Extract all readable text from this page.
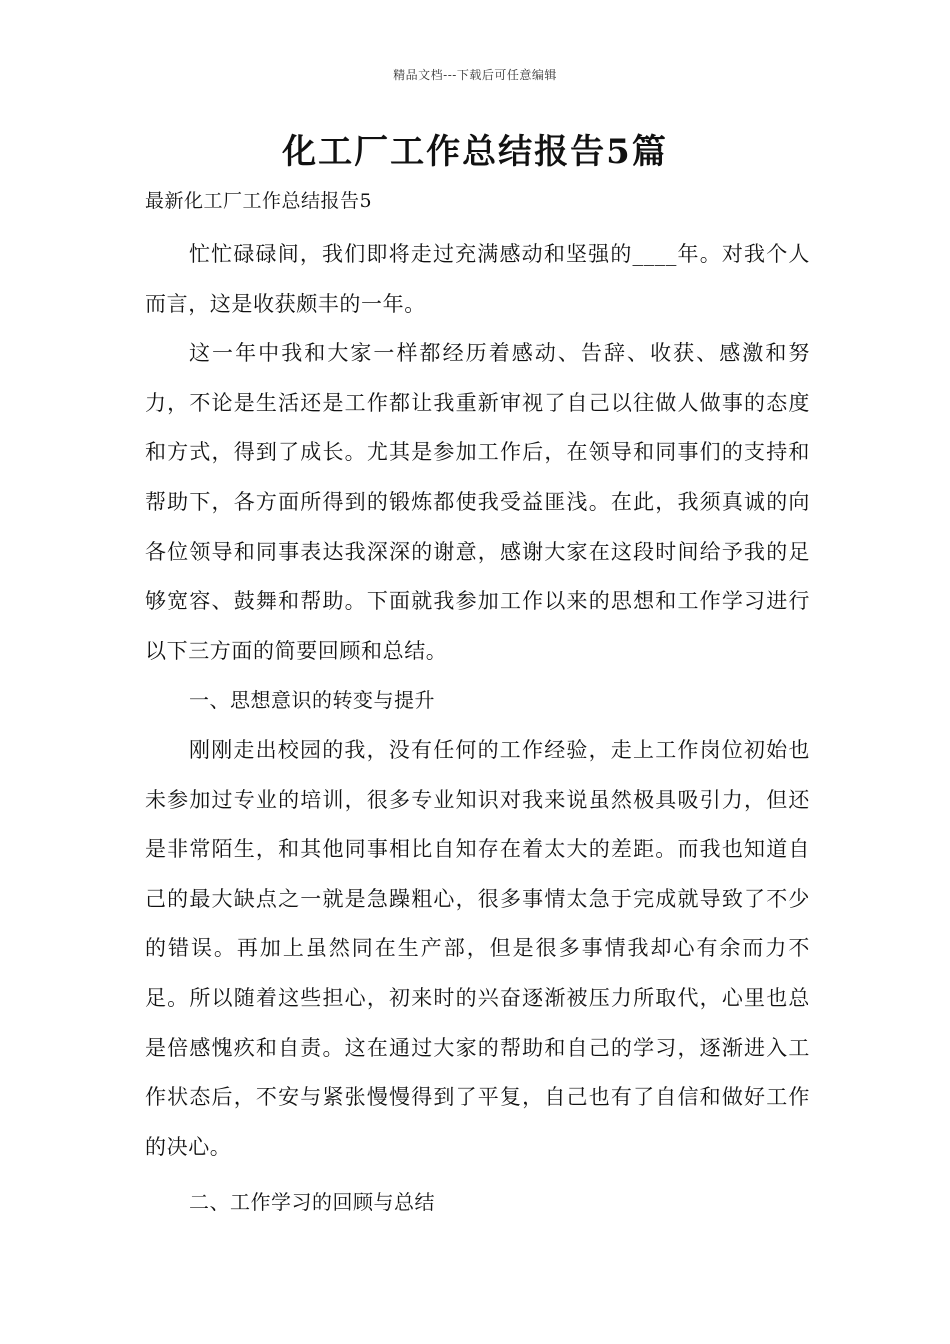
精品文档---下载后可任意编辑
化工厂工作总结报告5篇

最新化工厂工作总结报告5

忙忙碌碌间，我们即将走过充满感动和坚强的____年。对我个人而言，这是收获颇丰的一年。

这一年中我和大家一样都经历着感动、告辞、收获、感激和努力，不论是生活还是工作都让我重新审视了自己以往做人做事的态度和方式，得到了成长。尤其是参加工作后，在领导和同事们的支持和帮助下，各方面所得到的锻炼都使我受益匪浅。在此，我须真诚的向各位领导和同事表达我深深的谢意，感谢大家在这段时间给予我的足够宽容、鼓舞和帮助。下面就我参加工作以来的思想和工作学习进行以下三方面的简要回顾和总结。

一、思想意识的转变与提升

刚刚走出校园的我，没有任何的工作经验，走上工作岗位初始也未参加过专业的培训，很多专业知识对我来说虽然极具吸引力，但还是非常陌生，和其他同事相比自知存在着太大的差距。而我也知道自己的最大缺点之一就是急躁粗心，很多事情太急于完成就导致了不少的错误。再加上虽然同在生产部，但是很多事情我却心有余而力不足。所以随着这些担心，初来时的兴奋逐渐被压力所取代，心里也总是倍感愧疚和自责。这在通过大家的帮助和自己的学习，逐渐进入工作状态后，不安与紧张慢慢得到了平复，自己也有了自信和做好工作的决心。

二、工作学习的回顾与总结
